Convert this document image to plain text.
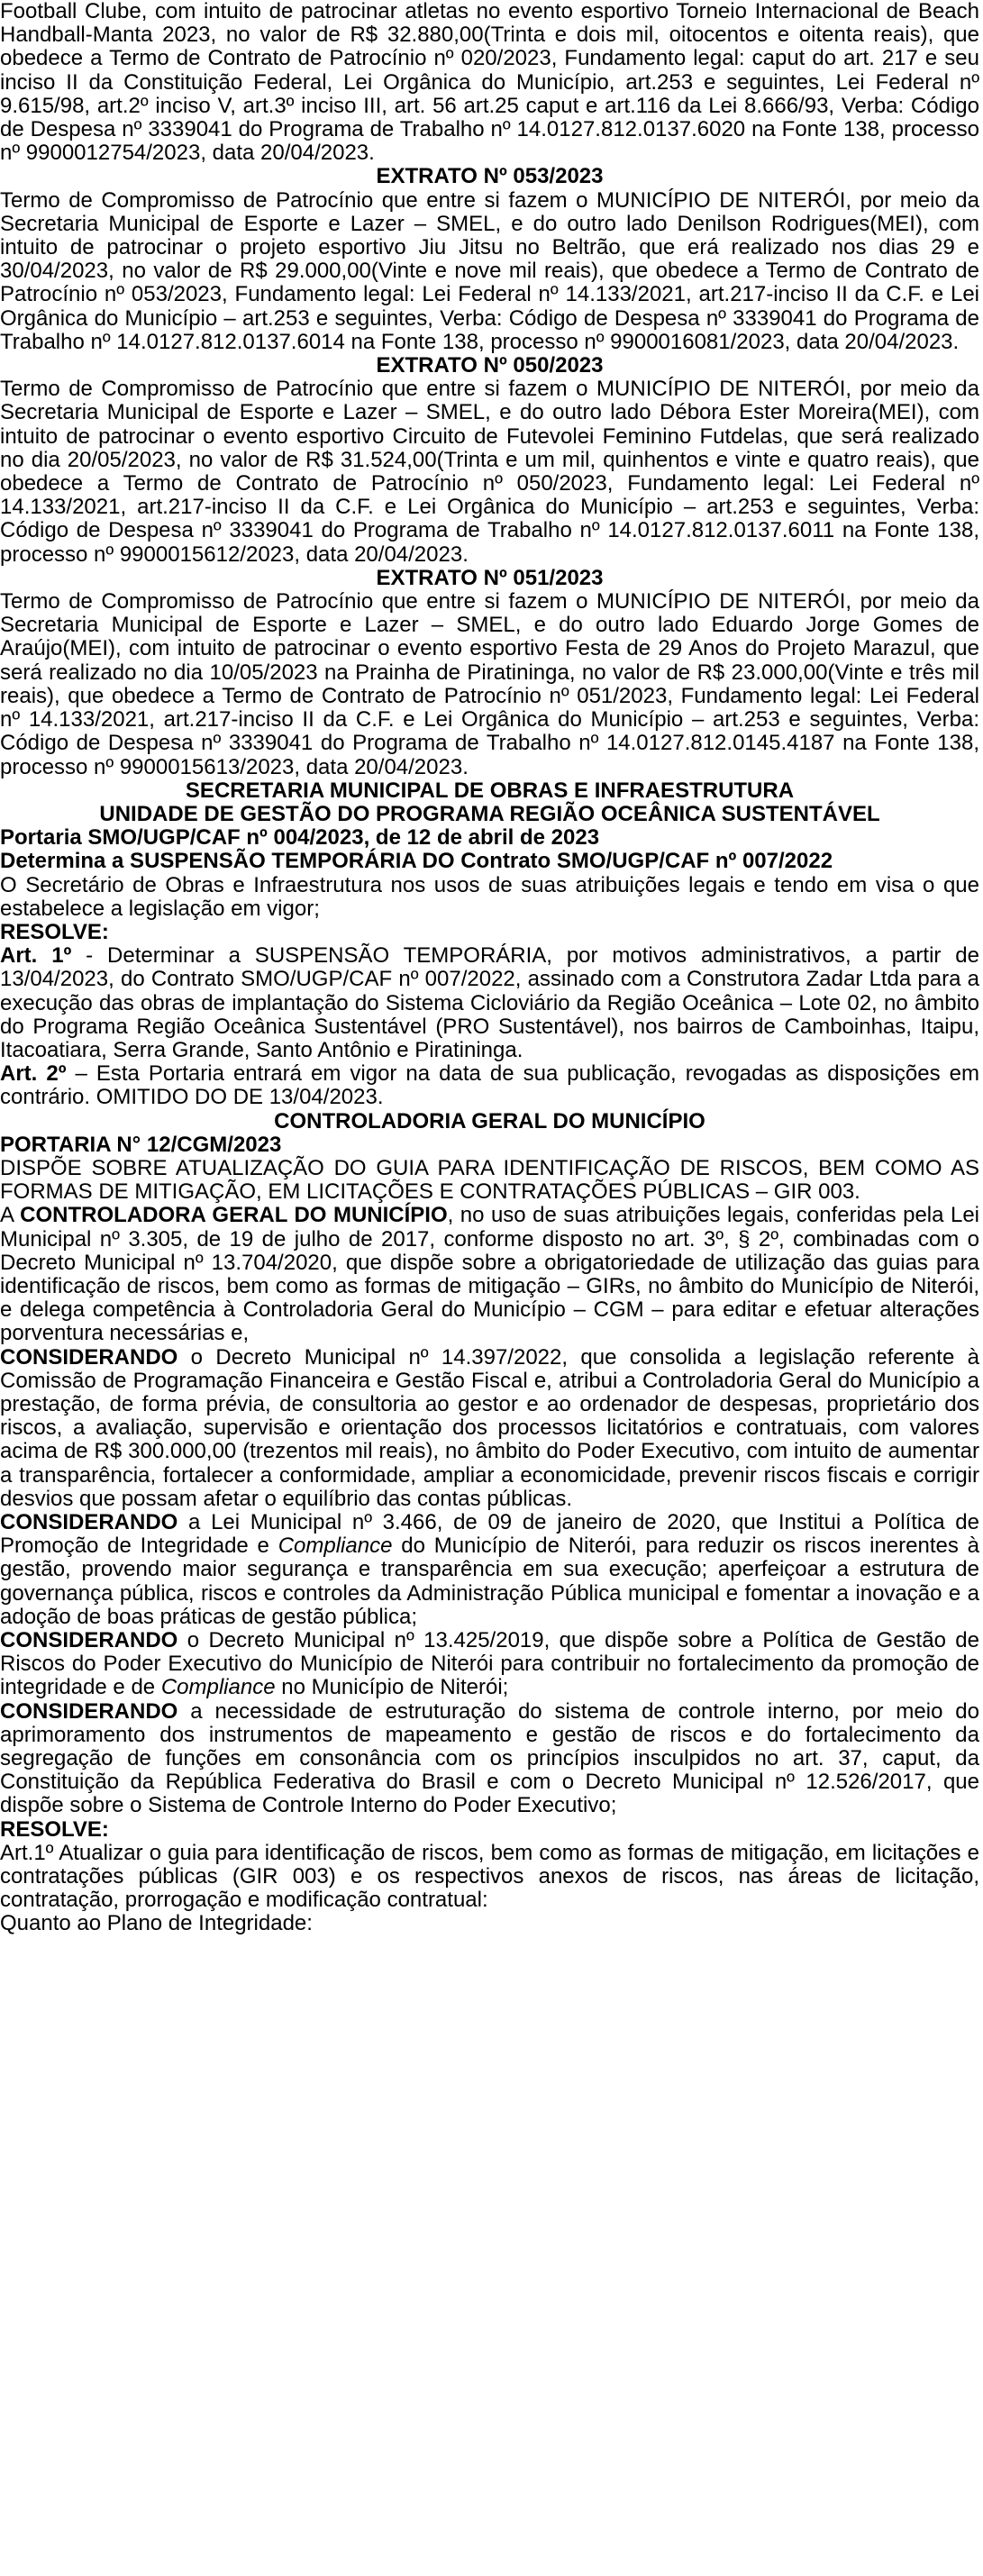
Football Clube, com intuito de patrocinar atletas no evento esportivo Torneio Internacional de Beach Handball-Manta 2023, no valor de R$ 32.880,00(Trinta e dois mil, oitocentos e oitenta reais), que obedece a Termo de Contrato de Patrocínio nº 020/2023, Fundamento legal: caput do art. 217 e seu inciso II da Constituição Federal, Lei Orgânica do Município, art.253 e seguintes, Lei Federal nº 9.615/98, art.2º inciso V, art.3º inciso III, art. 56 art.25 caput e art.116 da Lei 8.666/93, Verba: Código de Despesa nº 3339041 do Programa de Trabalho nº 14.0127.812.0137.6020 na Fonte 138, processo nº 9900012754/2023, data 20/04/2023.

EXTRATO Nº 053/2023

Termo de Compromisso de Patrocínio que entre si fazem o MUNICÍPIO DE NITERÓI, por meio da Secretaria Municipal de Esporte e Lazer – SMEL, e do outro lado Denilson Rodrigues(MEI), com intuito de patrocinar o projeto esportivo Jiu Jitsu no Beltrão, que erá realizado nos dias 29 e 30/04/2023, no valor de R$ 29.000,00(Vinte e nove mil reais), que obedece a Termo de Contrato de Patrocínio nº 053/2023, Fundamento legal: Lei Federal nº 14.133/2021, art.217-inciso II da C.F. e Lei Orgânica do Município – art.253 e seguintes, Verba: Código de Despesa nº 3339041 do Programa de Trabalho nº 14.0127.812.0137.6014 na Fonte 138, processo nº 9900016081/2023, data 20/04/2023.

EXTRATO Nº 050/2023

Termo de Compromisso de Patrocínio que entre si fazem o MUNICÍPIO DE NITERÓI, por meio da Secretaria Municipal de Esporte e Lazer – SMEL, e do outro lado Débora Ester Moreira(MEI), com intuito de patrocinar o evento esportivo Circuito de Futevolei Feminino Futdelas, que será realizado no dia 20/05/2023, no valor de R$ 31.524,00(Trinta e um mil, quinhentos e vinte e quatro reais), que obedece a Termo de Contrato de Patrocínio nº 050/2023, Fundamento legal: Lei Federal nº 14.133/2021, art.217-inciso II da C.F. e Lei Orgânica do Município – art.253 e seguintes, Verba: Código de Despesa nº 3339041 do Programa de Trabalho nº 14.0127.812.0137.6011 na Fonte 138, processo nº 9900015612/2023, data 20/04/2023.

EXTRATO Nº 051/2023

Termo de Compromisso de Patrocínio que entre si fazem o MUNICÍPIO DE NITERÓI, por meio da Secretaria Municipal de Esporte e Lazer – SMEL, e do outro lado Eduardo Jorge Gomes de Araújo(MEI), com intuito de patrocinar o evento esportivo Festa de 29 Anos do Projeto Marazul, que será realizado no dia 10/05/2023 na Prainha de Piratininga, no valor de R$ 23.000,00(Vinte e três mil reais), que obedece a Termo de Contrato de Patrocínio nº 051/2023, Fundamento legal: Lei Federal nº 14.133/2021, art.217-inciso II da C.F. e Lei Orgânica do Município – art.253 e seguintes, Verba: Código de Despesa nº 3339041 do Programa de Trabalho nº 14.0127.812.0145.4187 na Fonte 138, processo nº 9900015613/2023, data 20/04/2023.

SECRETARIA MUNICIPAL DE OBRAS E INFRAESTRUTURA

UNIDADE DE GESTÃO DO PROGRAMA REGIÃO OCEÂNICA SUSTENTÁVEL

Portaria SMO/UGP/CAF nº 004/2023, de 12 de abril de 2023

Determina a SUSPENSÃO TEMPORÁRIA DO Contrato SMO/UGP/CAF nº 007/2022

O Secretário de Obras e Infraestrutura nos usos de suas atribuições legais e tendo em visa o que estabelece a legislação em vigor;

RESOLVE:

Art. 1º - Determinar a SUSPENSÃO TEMPORÁRIA, por motivos administrativos, a partir de 13/04/2023, do Contrato SMO/UGP/CAF nº 007/2022, assinado com a Construtora Zadar Ltda para a execução das obras de implantação do Sistema Cicloviário da Região Oceânica – Lote 02, no âmbito do Programa Região Oceânica Sustentável (PRO Sustentável), nos bairros de Camboinhas, Itaipu, Itacoatiara, Serra Grande, Santo Antônio e Piratininga.

Art. 2º – Esta Portaria entrará em vigor na data de sua publicação, revogadas as disposições em contrário. OMITIDO DO DE 13/04/2023.

CONTROLADORIA GERAL DO MUNICÍPIO

PORTARIA N° 12/CGM/2023

DISPÕE SOBRE ATUALIZAÇÃO DO GUIA PARA IDENTIFICAÇÃO DE RISCOS, BEM COMO AS FORMAS DE MITIGAÇÃO, EM LICITAÇÕES E CONTRATAÇÕES PÚBLICAS – GIR 003.

A CONTROLADORA GERAL DO MUNICÍPIO, no uso de suas atribuições legais, conferidas pela Lei Municipal nº 3.305, de 19 de julho de 2017, conforme disposto no art. 3º, § 2º, combinadas com o Decreto Municipal nº 13.704/2020, que dispõe sobre a obrigatoriedade de utilização das guias para identificação de riscos, bem como as formas de mitigação – GIRs, no âmbito do Município de Niterói, e delega competência à Controladoria Geral do Município – CGM – para editar e efetuar alterações porventura necessárias e,

CONSIDERANDO o Decreto Municipal nº 14.397/2022, que consolida a legislação referente à Comissão de Programação Financeira e Gestão Fiscal e, atribui a Controladoria Geral do Município a prestação, de forma prévia, de consultoria ao gestor e ao ordenador de despesas, proprietário dos riscos, a avaliação, supervisão e orientação dos processos licitatórios e contratuais, com valores acima de R$ 300.000,00 (trezentos mil reais), no âmbito do Poder Executivo, com intuito de aumentar a transparência, fortalecer a conformidade, ampliar a economicidade, prevenir riscos fiscais e corrigir desvios que possam afetar o equilíbrio das contas públicas.

CONSIDERANDO a Lei Municipal nº 3.466, de 09 de janeiro de 2020, que Institui a Política de Promoção de Integridade e Compliance do Município de Niterói, para reduzir os riscos inerentes à gestão, provendo maior segurança e transparência em sua execução; aperfeiçoar a estrutura de governança pública, riscos e controles da Administração Pública municipal e fomentar a inovação e a adoção de boas práticas de gestão pública;

CONSIDERANDO o Decreto Municipal nº 13.425/2019, que dispõe sobre a Política de Gestão de Riscos do Poder Executivo do Município de Niterói para contribuir no fortalecimento da promoção de integridade e de Compliance no Município de Niterói;

CONSIDERANDO a necessidade de estruturação do sistema de controle interno, por meio do aprimoramento dos instrumentos de mapeamento e gestão de riscos e do fortalecimento da segregação de funções em consonância com os princípios insculpidos no art. 37, caput, da Constituição da República Federativa do Brasil e com o Decreto Municipal nº 12.526/2017, que dispõe sobre o Sistema de Controle Interno do Poder Executivo;

RESOLVE:

Art.1º Atualizar o guia para identificação de riscos, bem como as formas de mitigação, em licitações e contratações públicas (GIR 003) e os respectivos anexos de riscos, nas áreas de licitação, contratação, prorrogação e modificação contratual:

Quanto ao Plano de Integridade:
